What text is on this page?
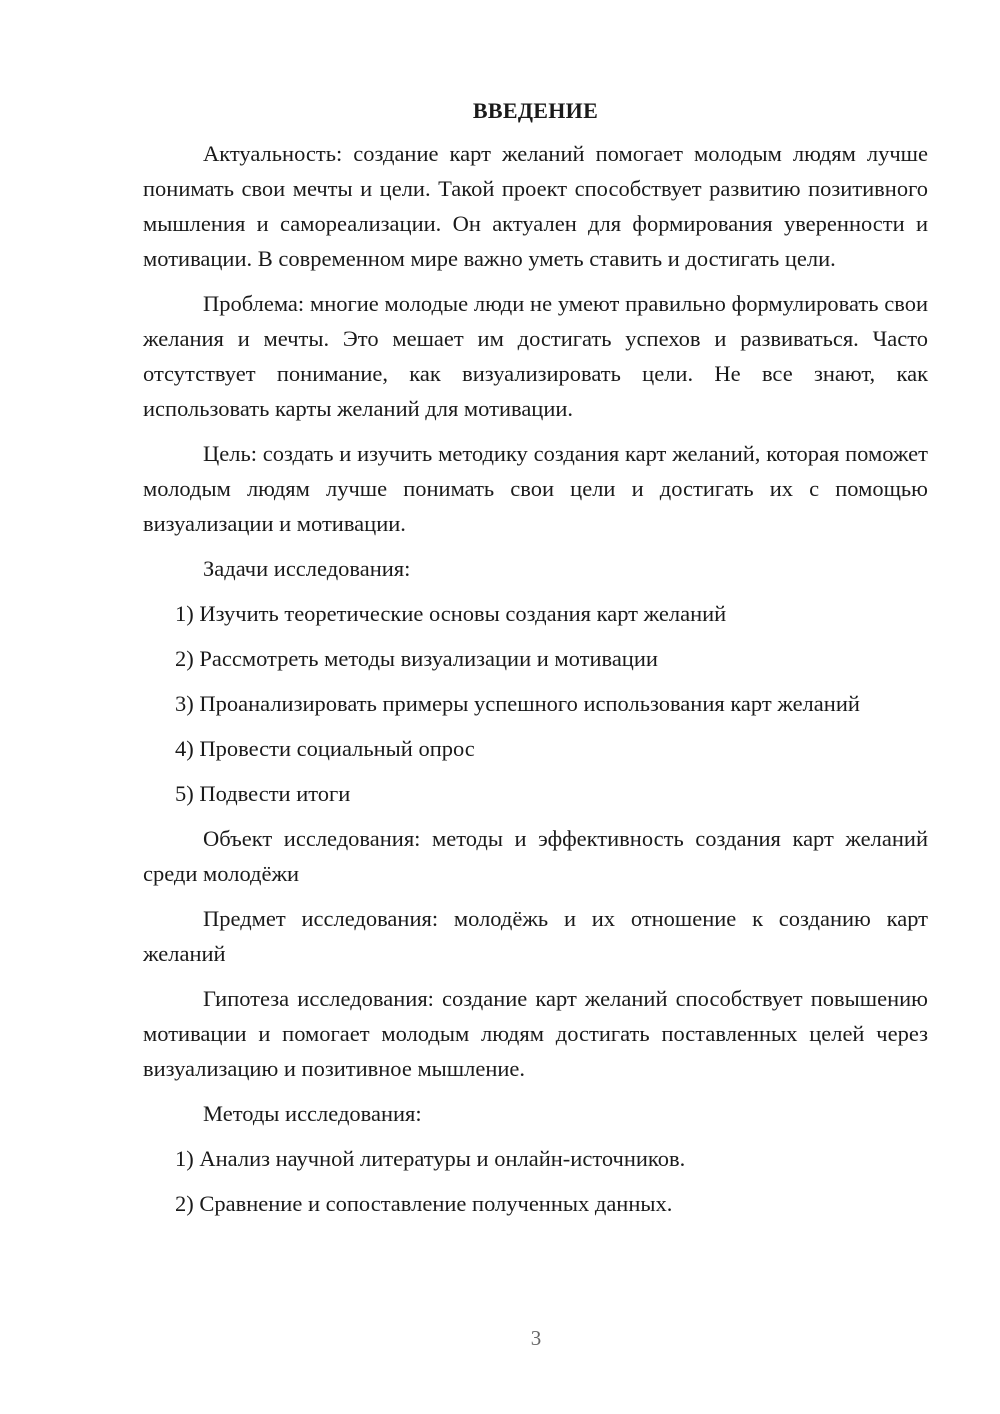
ВВЕДЕНИЕ

Актуальность: создание карт желаний помогает молодым людям лучше понимать свои мечты и цели. Такой проект способствует развитию позитивного мышления и самореализации. Он актуален для формирования уверенности и мотивации. В современном мире важно уметь ставить и достигать цели.

Проблема: многие молодые люди не умеют правильно формулировать свои желания и мечты. Это мешает им достигать успехов и развиваться. Часто отсутствует понимание, как визуализировать цели. Не все знают, как использовать карты желаний для мотивации.

Цель: создать и изучить методику создания карт желаний, которая поможет молодым людям лучше понимать свои цели и достигать их с помощью визуализации и мотивации.

Задачи исследования:

1) Изучить теоретические основы создания карт желаний

2) Рассмотреть методы визуализации и мотивации

3) Проанализировать примеры успешного использования карт желаний

4) Провести социальный опрос

5) Подвести итоги

Объект исследования: методы и эффективность создания карт желаний среди молодёжи

Предмет исследования: молодёжь и их отношение к созданию карт желаний

Гипотеза исследования: создание карт желаний способствует повышению мотивации и помогает молодым людям достигать поставленных целей через визуализацию и позитивное мышление.

Методы исследования:

1) Анализ научной литературы и онлайн-источников.

2) Сравнение и сопоставление полученных данных.

3
